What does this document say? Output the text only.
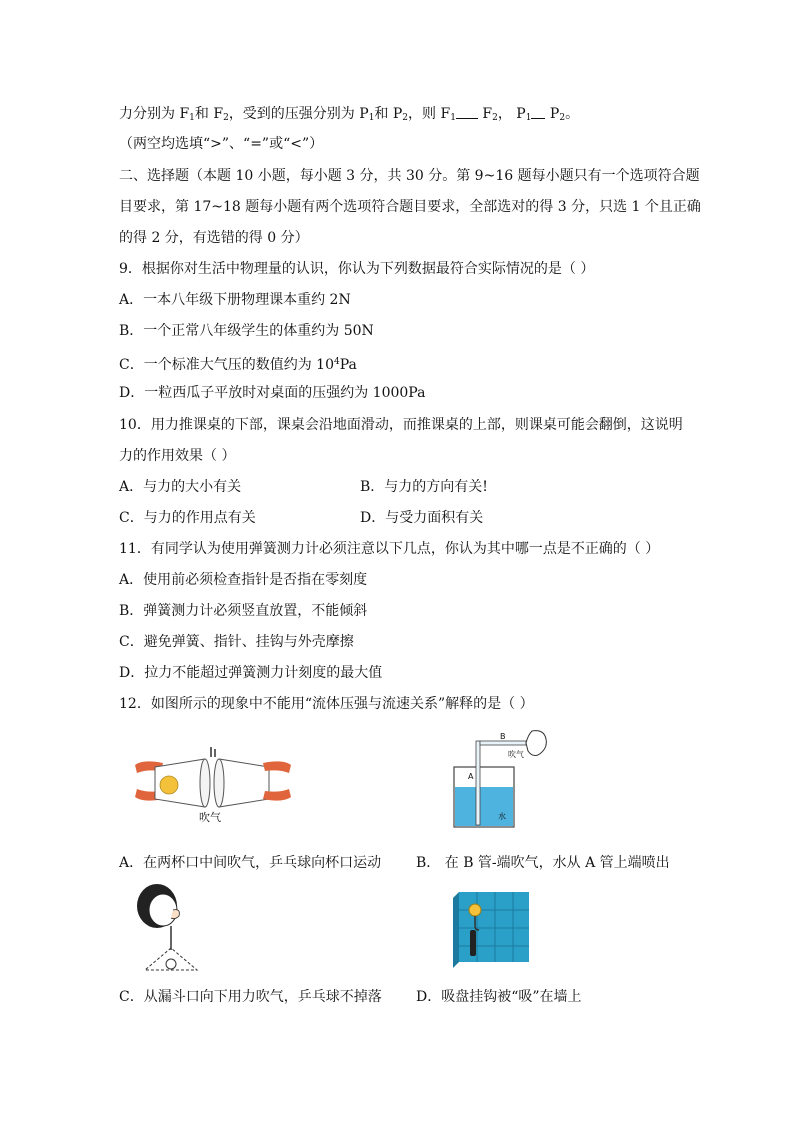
力分别为 $F_1$和 $F_2$，受到的压强分别为 $P_1$和 $P_2$，则 $F_1$ $F_2$， $P_1$ $P_2$。
（两空均选填“>”、“=”或“<”）
二、选择题（本题 10 小题，每小题 3 分，共 30 分。第 9~16 题每小题只有一个选项符合题
目要求，第 17~18 题每小题有两个选项符合题目要求，全部选对的得 3 分，只选 1 个且正确
的得 2 分，有选错的得 0 分）
9．根据你对生活中物理量的认识，你认为下列数据最符合实际情况的是（ ）
A．一本八年级下册物理课本重约 2N
B．一个正常八年级学生的体重约为 50N
C．一个标准大气压的数值约为 $10^4Pa$
D．一粒西瓜子平放时对桌面的压强约为 1000Pa
10．用力推课桌的下部，课桌会沿地面滑动，而推课桌的上部，则课桌可能会翻倒，这说明
力的作用效果（ ）
A．与力的大小有关	B．与力的方向有关!
C．与力的作用点有关	D．与受力面积有关
11．有同学认为使用弹簧测力计必须注意以下几点，你认为其中哪一点是不正确的（ ）
A．使用前必须检查指针是否指在零刻度
B．弹簧测力计必须竖直放置，不能倾斜
C．避免弹簧、指针、挂钩与外壳摩擦
D．拉力不能超过弹簧测力计刻度的最大值
12．如图所示的现象中不能用“流体压强与流速关系”解释的是（ ）
吹气
A
B
吹气
水
A．在两杯口中间吹气，乒乓球向杯口运动 B． 在 B 管-端吹气，水从 A 管上端喷出
C．从漏斗口向下用力吹气，乒乓球不掉落 D．吸盘挂钩被“吸”在墙上
